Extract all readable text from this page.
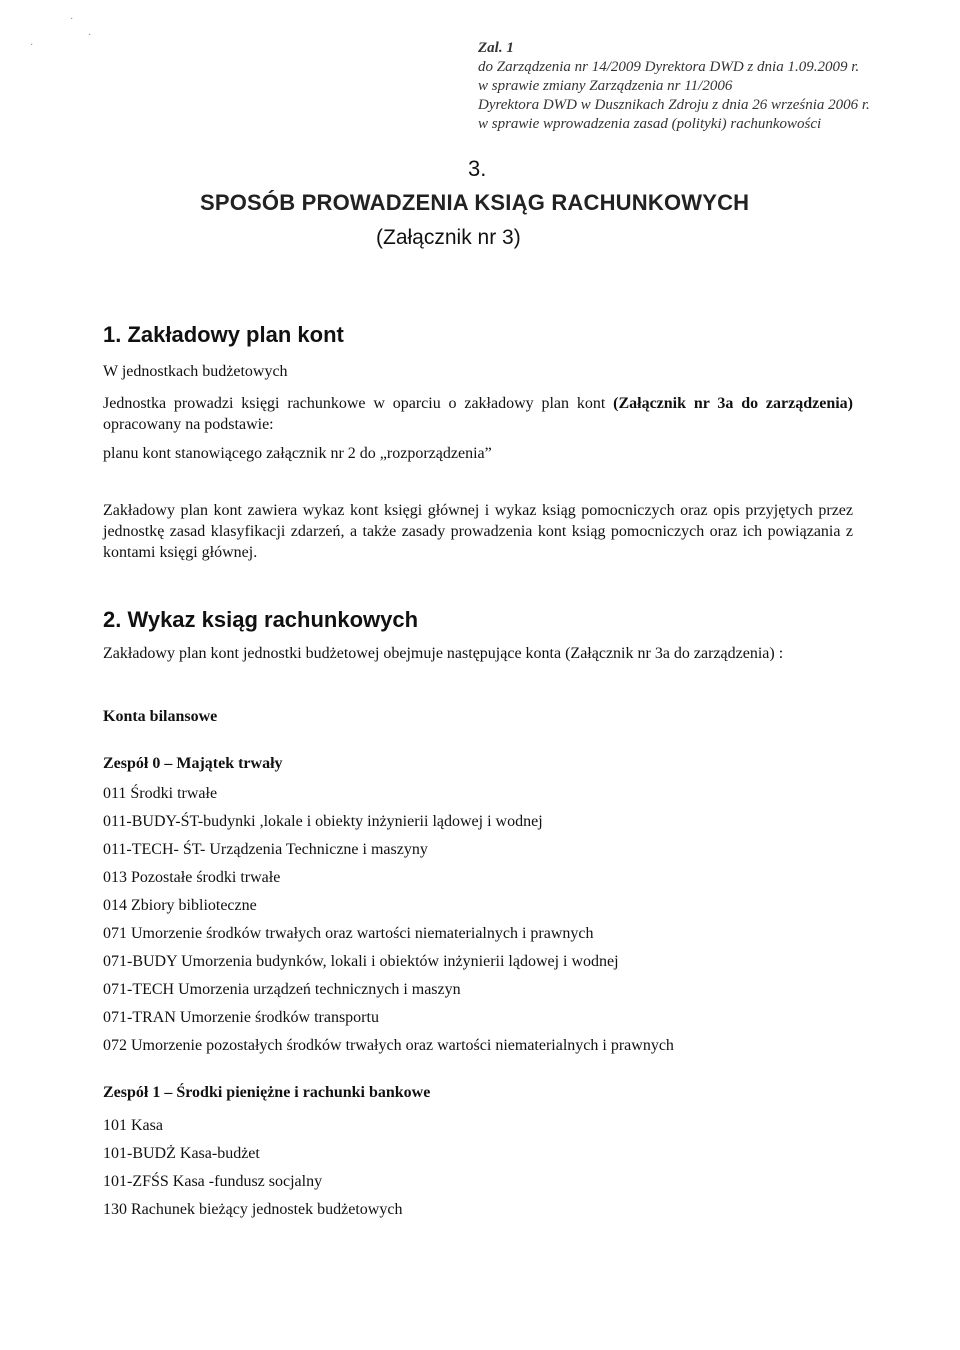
·
·
·

Zal. 1

do Zarządzenia nr 14/2009 Dyrektora DWD z dnia 1.09.2009 r.

w sprawie zmiany Zarządzenia nr 11/2006

Dyrektora DWD w Dusznikach Zdroju z dnia 26 września 2006 r.

w sprawie wprowadzenia zasad (polityki) rachunkowości

3.

SPOSÓB PROWADZENIA KSIĄG RACHUNKOWYCH

(Załącznik nr 3)

1. Zakładowy plan kont

W jednostkach budżetowych

Jednostka prowadzi księgi rachunkowe w oparciu o zakładowy plan kont (Załącznik nr 3a do zarządzenia) opracowany na podstawie:

planu kont stanowiącego załącznik nr 2 do „rozporządzenia”

Zakładowy plan kont zawiera wykaz kont księgi głównej i wykaz ksiąg pomocniczych oraz opis przyjętych przez jednostkę zasad klasyfikacji zdarzeń, a także zasady prowadzenia kont ksiąg pomocniczych oraz ich powiązania z kontami księgi głównej.

2. Wykaz ksiąg rachunkowych

Zakładowy plan kont jednostki budżetowej obejmuje następujące konta (Załącznik nr 3a do zarządzenia) :

Konta bilansowe

Zespół 0 – Majątek trwały

011 Środki trwałe
011-BUDY-ŚT-budynki ,lokale i obiekty inżynierii lądowej i wodnej
011-TECH- ŚT- Urządzenia Techniczne i maszyny
013 Pozostałe środki trwałe
014 Zbiory biblioteczne
071 Umorzenie środków trwałych oraz wartości niematerialnych i prawnych
071-BUDY Umorzenia budynków, lokali i obiektów inżynierii lądowej i wodnej
071-TECH Umorzenia urządzeń technicznych i maszyn
071-TRAN Umorzenie środków transportu
072 Umorzenie pozostałych środków trwałych oraz wartości niematerialnych i prawnych

Zespół 1 – Środki pieniężne i rachunki bankowe

101 Kasa
101-BUDŻ Kasa-budżet
101-ZFŚS Kasa -fundusz socjalny
130 Rachunek bieżący jednostek budżetowych
